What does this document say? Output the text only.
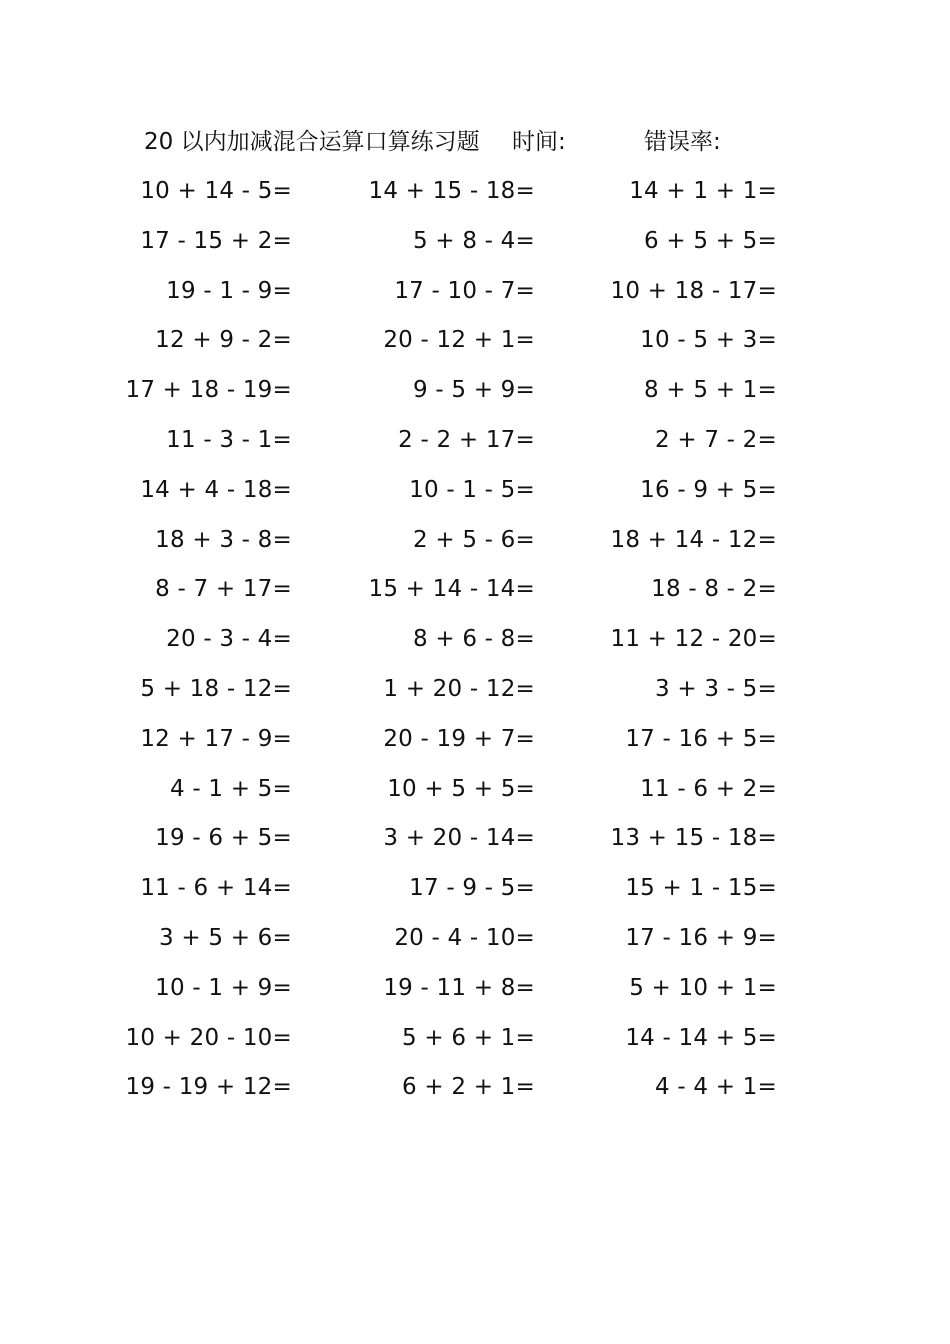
20 以内加减混合运算口算练习题 时间:	错误率:
10 + 14 - 5=	14 + 15 - 18=	14 + 1 + 1=
17 - 15 + 2=	5 + 8 - 4=	6 + 5 + 5=
19 - 1 - 9=	17 - 10 - 7=	10 + 18 - 17=
12 + 9 - 2=	20 - 12 + 1=	10 - 5 + 3=
17 + 18 - 19=	9 - 5 + 9=	8 + 5 + 1=
11 - 3 - 1=	2 - 2 + 17=	2 + 7 - 2=
14 + 4 - 18=	10 - 1 - 5=	16 - 9 + 5=
18 + 3 - 8=	2 + 5 - 6=	18 + 14 - 12=
8 - 7 + 17=	15 + 14 - 14=	18 - 8 - 2=
20 - 3 - 4=	8 + 6 - 8=	11 + 12 - 20=
5 + 18 - 12=	1 + 20 - 12=	3 + 3 - 5=
12 + 17 - 9=	20 - 19 + 7=	17 - 16 + 5=
4 - 1 + 5=	10 + 5 + 5=	11 - 6 + 2=
19 - 6 + 5=	3 + 20 - 14=	13 + 15 - 18=
11 - 6 + 14=	17 - 9 - 5=	15 + 1 - 15=
3 + 5 + 6=	20 - 4 - 10=	17 - 16 + 9=
10 - 1 + 9=	19 - 11 + 8=	5 + 10 + 1=
10 + 20 - 10=	5 + 6 + 1=	14 - 14 + 5=
19 - 19 + 12=	6 + 2 + 1=	4 - 4 + 1=
